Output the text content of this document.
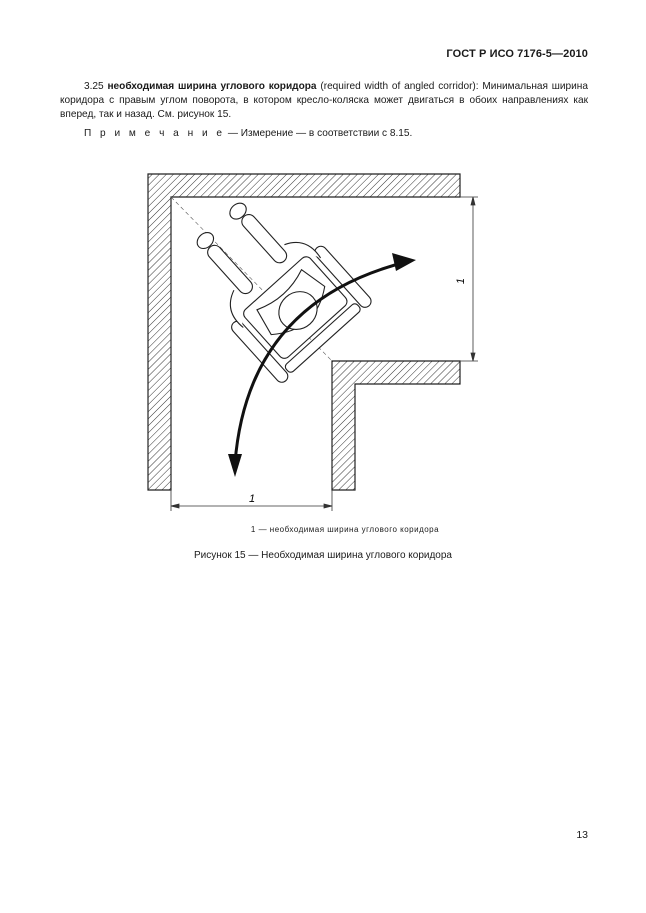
ГОСТ Р ИСО 7176-5—2010

3.25 необходимая ширина углового коридора (required width of angled corridor): Минимальная ширина коридора с правым углом поворота, в котором кресло-коляска может двигаться в обоих направлениях как вперед, так и назад. См. рисунок 15.

П р и м е ч а н и е — Измерение — в соответствии с 8.15.
1
1
1 — необходимая ширина углового коридора
Рисунок 15 — Необходимая ширина углового коридора
13
